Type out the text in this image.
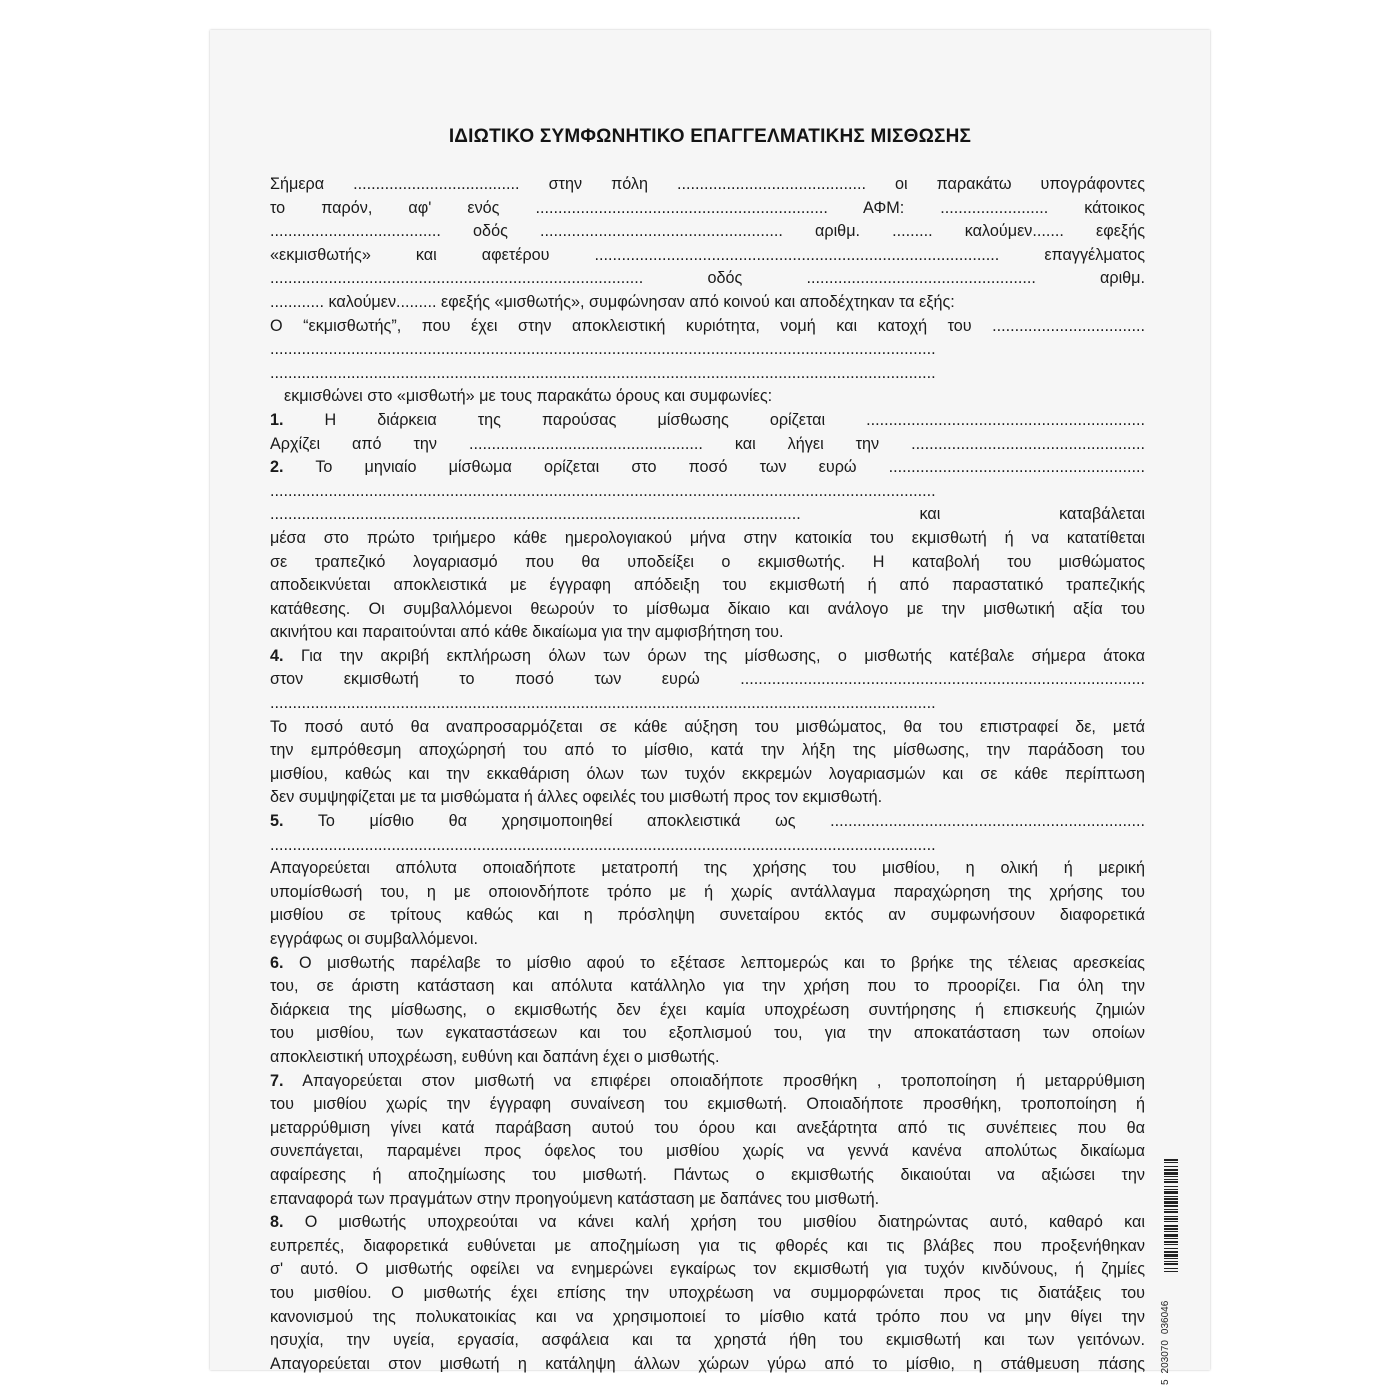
ΙΔΙΩΤΙΚΟ ΣΥΜΦΩΝΗΤΙΚΟ ΕΠΑΓΓΕΛΜΑΤΙΚΗΣ ΜΙΣΘΩΣΗΣ
Σήμερα ..................................... στην πόλη .......................................... οι παρακάτω υπογράφοντες
το παρόν, αφ' ενός ................................................................. ΑΦΜ: ........................ κάτοικος
...................................... οδός ...................................................... αριθμ. ......... καλούμεν....... εφεξής
«εκμισθωτής» και αφετέρου .......................................................................................... επαγγέλματος
................................................................................... οδός ................................................... αριθμ.
............ καλούμεν......... εφεξής «μισθωτής», συμφώνησαν από κοινού και αποδέχτηκαν τα εξής:
Ο “εκμισθωτής”, που έχει στην αποκλειστική κυριότητα, νομή και κατοχή του ..................................
....................................................................................................................................................
....................................................................................................................................................
εκμισθώνει στο «μισθωτή» με τους παρακάτω όρους και συμφωνίες:
1. Η διάρκεια της παρούσας μίσθωσης ορίζεται ..............................................................
Αρχίζει από την .................................................... και λήγει την ....................................................
2. Το μηνιαίο μίσθωμα ορίζεται στο ποσό των ευρώ .........................................................
....................................................................................................................................................
...................................................................................................................... και καταβάλεται
μέσα στο πρώτο τριήμερο κάθε ημερολογιακού μήνα στην κατοικία του εκμισθωτή ή να κατατίθεται
σε τραπεζικό λογαριασμό που θα υποδείξει ο εκμισθωτής. Η καταβολή του μισθώματος
αποδεικνύεται αποκλειστικά με έγγραφη απόδειξη του εκμισθωτή ή από παραστατικό τραπεζικής
κατάθεσης. Οι συμβαλλόμενοι θεωρούν το μίσθωμα δίκαιο και ανάλογο με την μισθωτική αξία του
ακινήτου και παραιτούνται από κάθε δικαίωμα για την αμφισβήτηση του.
4. Για την ακριβή εκπλήρωση όλων των όρων της μίσθωσης, ο μισθωτής κατέβαλε σήμερα άτοκα
στον εκμισθωτή το ποσό των ευρώ ..........................................................................................
....................................................................................................................................................
Το ποσό αυτό θα αναπροσαρμόζεται σε κάθε αύξηση του μισθώματος, θα του επιστραφεί δε, μετά
την εμπρόθεσμη αποχώρησή του από το μίσθιο, κατά την λήξη της μίσθωσης, την παράδοση του
μισθίου, καθώς και την εκκαθάριση όλων των τυχόν εκκρεμών λογαριασμών και σε κάθε περίπτωση
δεν συμψηφίζεται με τα μισθώματα ή άλλες οφειλές του μισθωτή προς τον εκμισθωτή.
5. Το μίσθιο θα χρησιμοποιηθεί αποκλειστικά ως ......................................................................
....................................................................................................................................................
Απαγορεύεται απόλυτα οποιαδήποτε μετατροπή της χρήσης του μισθίου, η ολική ή μερική
υπομίσθωσή του, η με οποιονδήποτε τρόπο με ή χωρίς αντάλλαγμα παραχώρηση της χρήσης του
μισθίου σε τρίτους καθώς και η πρόσληψη συνεταίρου εκτός αν συμφωνήσουν διαφορετικά
εγγράφως οι συμβαλλόμενοι.
6. Ο μισθωτής παρέλαβε το μίσθιο αφού το εξέτασε λεπτομερώς και το βρήκε της τέλειας αρεσκείας
του, σε άριστη κατάσταση και απόλυτα κατάλληλο για την χρήση που το προορίζει. Για όλη την
διάρκεια της μίσθωσης, ο εκμισθωτής δεν έχει καμία υποχρέωση συντήρησης ή επισκευής ζημιών
του μισθίου, των εγκαταστάσεων και του εξοπλισμού του, για την αποκατάσταση των οποίων
αποκλειστική υποχρέωση, ευθύνη και δαπάνη έχει ο μισθωτής.
7. Απαγορεύεται στον μισθωτή να επιφέρει οποιαδήποτε προσθήκη , τροποποίηση ή μεταρρύθμιση
του μισθίου χωρίς την έγγραφη συναίνεση του εκμισθωτή. Οποιαδήποτε προσθήκη, τροποποίηση ή
μεταρρύθμιση γίνει κατά παράβαση αυτού του όρου και ανεξάρτητα από τις συνέπειες που θα
συνεπάγεται, παραμένει προς όφελος του μισθίου χωρίς να γεννά κανένα απολύτως δικαίωμα
αφαίρεσης ή αποζημίωσης του μισθωτή. Πάντως ο εκμισθωτής δικαιούται να αξιώσει την
επαναφορά των πραγμάτων στην προηγούμενη κατάσταση με δαπάνες του μισθωτή.
8. Ο μισθωτής υποχρεούται να κάνει καλή χρήση του μισθίου διατηρώντας αυτό, καθαρό και
ευπρεπές, διαφορετικά ευθύνεται με αποζημίωση για τις φθορές και τις βλάβες που προξενήθηκαν
σ' αυτό. Ο μισθωτής οφείλει να ενημερώνει εγκαίρως τον εκμισθωτή για τυχόν κινδύνους, ή ζημίες
του μισθίου. Ο μισθωτής έχει επίσης την υποχρέωση να συμμορφώνεται προς τις διατάξεις του
κανονισμού της πολυκατοικίας και να χρησιμοποιεί το μίσθιο κατά τρόπο που να μην θίγει την
ησυχία, την υγεία, εργασία, ασφάλεια και τα χρηστά ήθη του εκμισθωτή και των γειτόνων.
Απαγορεύεται στον μισθωτή η κατάληψη άλλων χώρων γύρω από το μίσθιο, η στάθμευση πάσης
5
203070
036046
